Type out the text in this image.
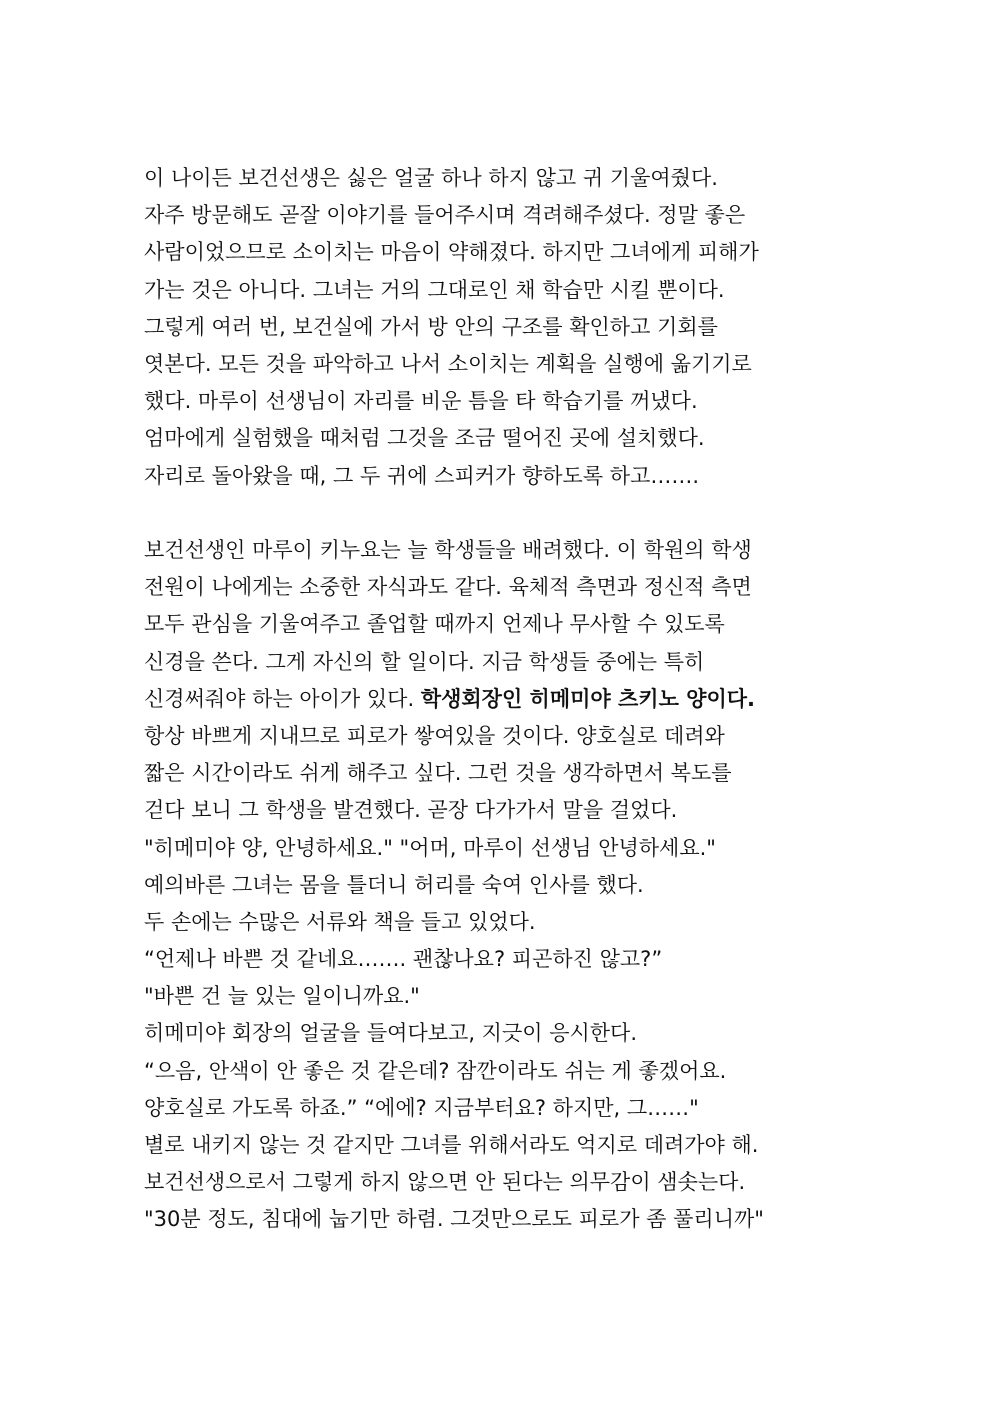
이 나이든 보건선생은 싫은 얼굴 하나 하지 않고 귀 기울여줬다.
자주 방문해도 곧잘 이야기를 들어주시며 격려해주셨다. 정말 좋은
사람이었으므로 소이치는 마음이 약해졌다. 하지만 그녀에게 피해가
가는 것은 아니다. 그녀는 거의 그대로인 채 학습만 시킬 뿐이다.
그렇게 여러 번, 보건실에 가서 방 안의 구조를 확인하고 기회를
엿본다. 모든 것을 파악하고 나서 소이치는 계획을 실행에 옮기기로
했다. 마루이 선생님이 자리를 비운 틈을 타 학습기를 꺼냈다.
엄마에게 실험했을 때처럼 그것을 조금 떨어진 곳에 설치했다.
자리로 돌아왔을 때, 그 두 귀에 스피커가 향하도록 하고…….
보건선생인 마루이 키누요는 늘 학생들을 배려했다. 이 학원의 학생
전원이 나에게는 소중한 자식과도 같다. 육체적 측면과 정신적 측면
모두 관심을 기울여주고 졸업할 때까지 언제나 무사할 수 있도록
신경을 쓴다. 그게 자신의 할 일이다. 지금 학생들 중에는 특히
신경써줘야 하는 아이가 있다. 학생회장인 히메미야 츠키노 양이다.
항상 바쁘게 지내므로 피로가 쌓여있을 것이다. 양호실로 데려와
짧은 시간이라도 쉬게 해주고 싶다. 그런 것을 생각하면서 복도를
걷다 보니 그 학생을 발견했다. 곧장 다가가서 말을 걸었다.
"히메미야 양, 안녕하세요." "어머, 마루이 선생님 안녕하세요."
예의바른 그녀는 몸을 틀더니 허리를 숙여 인사를 했다.
두 손에는 수많은 서류와 책을 들고 있었다.
“언제나 바쁜 것 같네요……. 괜찮나요? 피곤하진 않고?”
"바쁜 건 늘 있는 일이니까요."
히메미야 회장의 얼굴을 들여다보고, 지긋이 응시한다.
“으음, 안색이 안 좋은 것 같은데? 잠깐이라도 쉬는 게 좋겠어요.
양호실로 가도록 하죠.” “에에? 지금부터요? 하지만, 그……"
별로 내키지 않는 것 같지만 그녀를 위해서라도 억지로 데려가야 해.
보건선생으로서 그렇게 하지 않으면 안 된다는 의무감이 샘솟는다.
"30분 정도, 침대에 눕기만 하렴. 그것만으로도 피로가 좀 풀리니까"
